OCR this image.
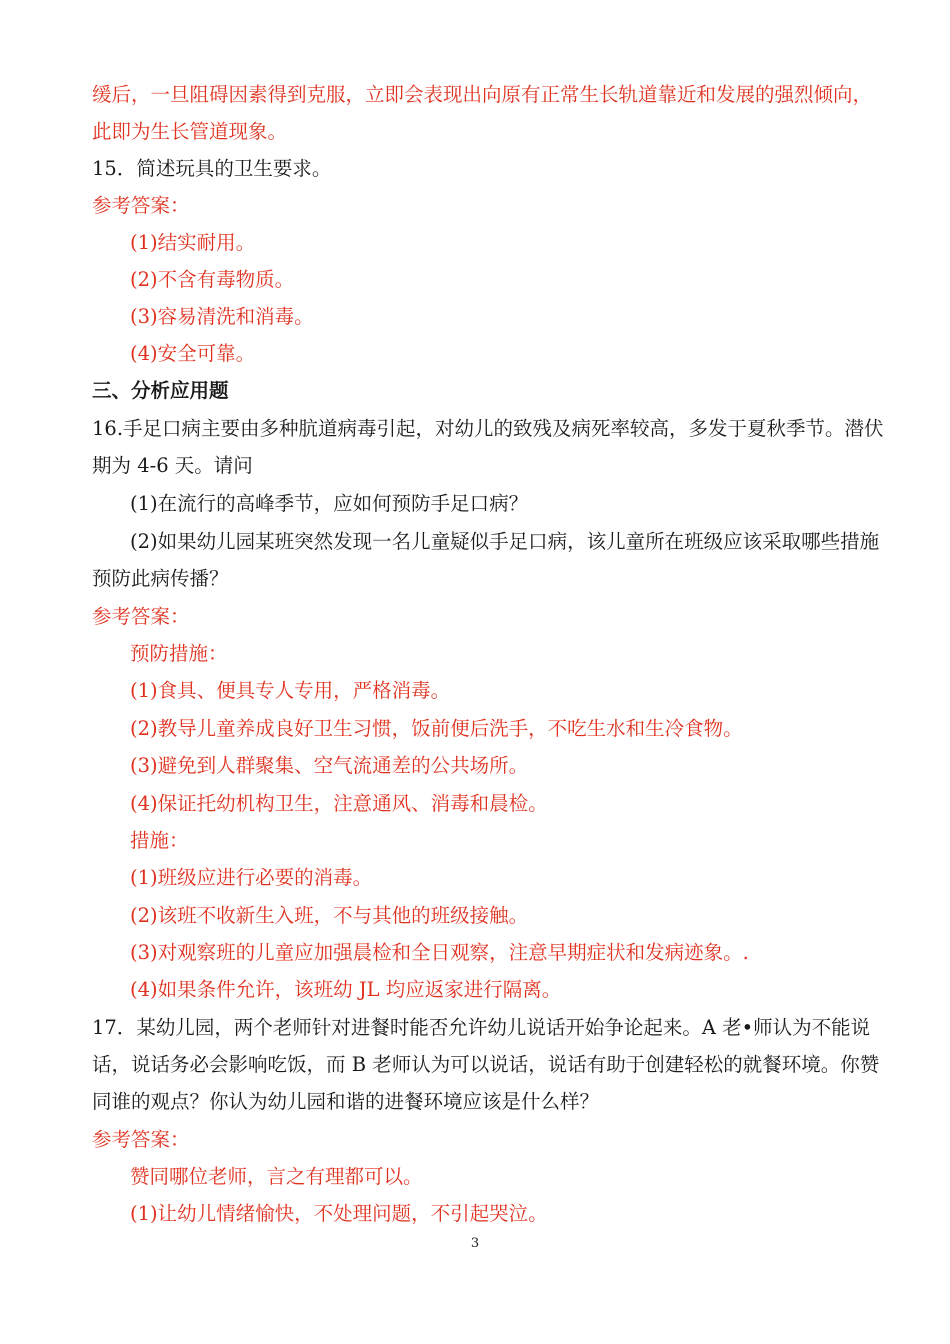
缓后，一旦阻碍因素得到克服，立即会表现出向原有正常生长轨道靠近和发展的强烈倾向，
此即为生长管道现象。
15．简述玩具的卫生要求。
参考答案：
(1)结实耐用。
(2)不含有毒物质。
(3)容易清洗和消毒。
(4)安全可靠。
三、分析应用题
16.手足口病主要由多种肮道病毒引起，对幼儿的致残及病死率较高，多发于夏秋季节。潜伏
期为 4-6 天。请问
(1)在流行的高峰季节，应如何预防手足口病？
(2)如果幼儿园某班突然发现一名儿童疑似手足口病，该儿童所在班级应该采取哪些措施
预防此病传播？
参考答案：
预防措施：
(1)食具、便具专人专用，严格消毒。
(2)教导儿童养成良好卫生习惯，饭前便后洗手，不吃生水和生冷食物。
(3)避免到人群聚集、空气流通差的公共场所。
(4)保证托幼机构卫生，注意通风、消毒和晨检。
措施：
(1)班级应进行必要的消毒。
(2)该班不收新生入班，不与其他的班级接触。
(3)对观察班的儿童应加强晨检和全日观察，注意早期症状和发病迹象。.
(4)如果条件允许，该班幼 JL 均应返家进行隔离。
17．某幼儿园，两个老师针对进餐时能否允许幼儿说话开始争论起来。A 老•师认为不能说
话，说话务必会影响吃饭，而 B 老师认为可以说话，说话有助于创建轻松的就餐环境。你赞
同谁的观点？你认为幼儿园和谐的进餐环境应该是什么样？
参考答案：
赞同哪位老师，言之有理都可以。
(1)让幼儿情绪愉快，不处理问题，不引起哭泣。
3
